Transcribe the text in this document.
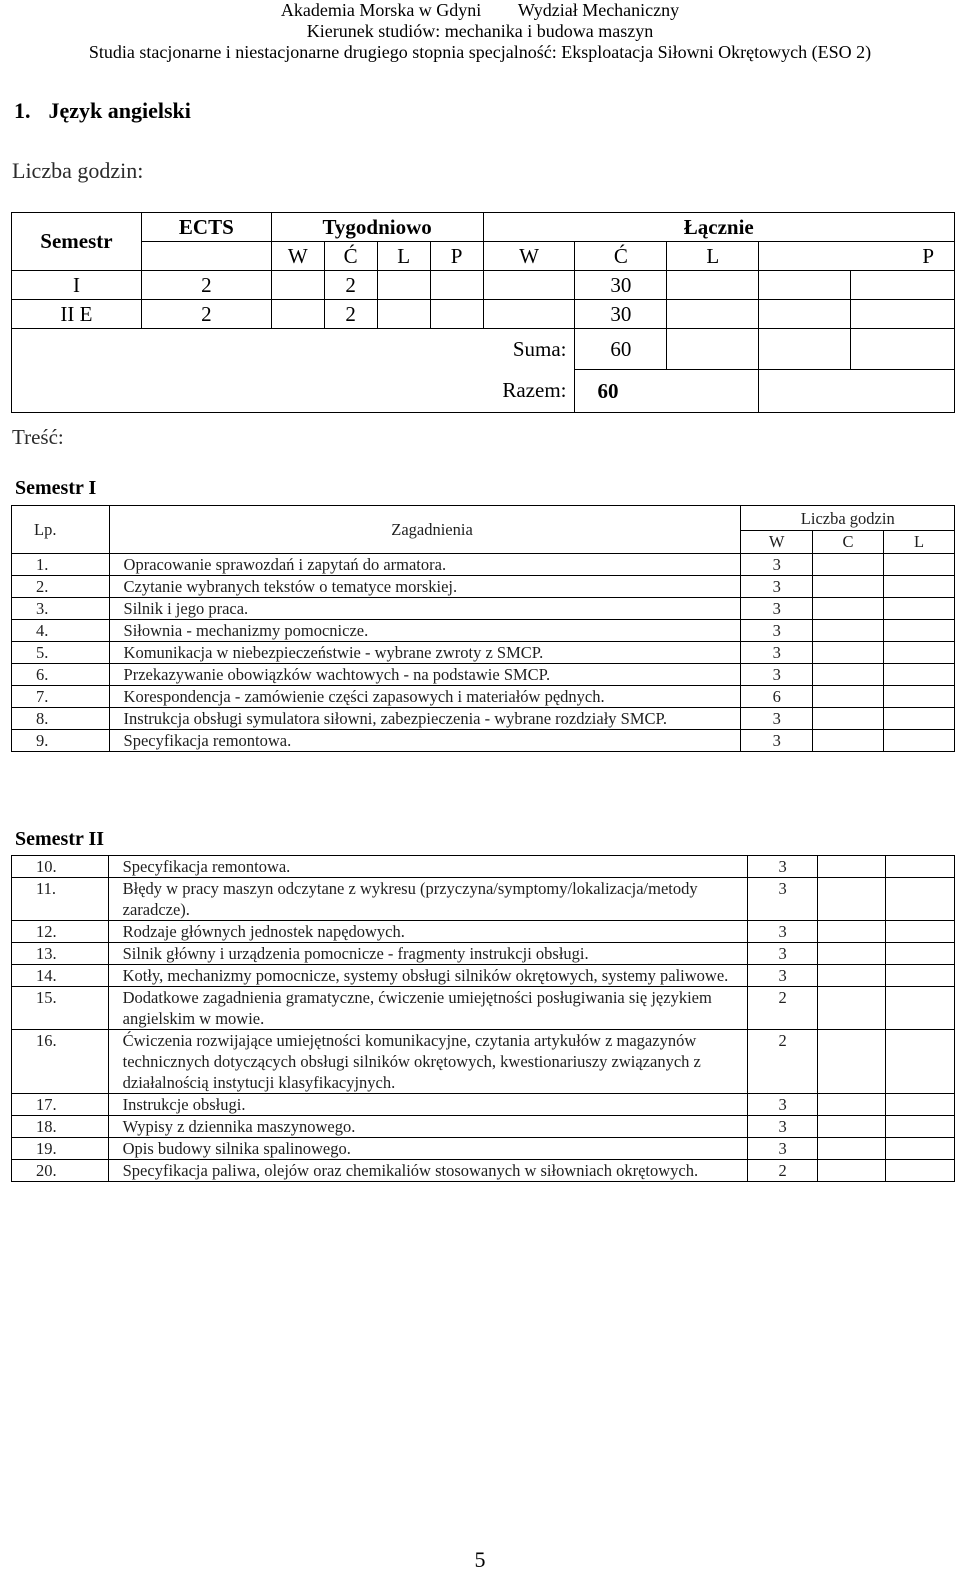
Akademia Morska w Gdyni Wydział Mechaniczny
Kierunek studiów: mechanika i budowa maszyn
Studia stacjonarne i niestacjonarne drugiego stopnia specjalność: Eksploatacja Siłowni Okrętowych (ESO 2)
1. Język angielski
Liczba godzin:
Semestr	ECTS	Tygodniowo				Łącznie				
		W	Ć	L	P	W	Ć	L	P	
I	2		2				30			
II E	2		2				30			
Suma:							60			
						Razem:	60			
Treść:
Semestr I
Lp.	Zagadnienia	Liczba godzin		
		W	C	L
1.	Opracowanie sprawozdań i zapytań do armatora.	3		
2.	Czytanie wybranych tekstów o tematyce morskiej.	3		
3.	Silnik i jego praca.	3		
4.	Siłownia - mechanizmy pomocnicze.	3		
5.	Komunikacja w niebezpieczeństwie - wybrane zwroty z SMCP.	3		
6.	Przekazywanie obowiązków wachtowych - na podstawie SMCP.	3		
7.	Korespondencja - zamówienie części zapasowych i materiałów pędnych.	6		
8.	Instrukcja obsługi symulatora siłowni, zabezpieczenia - wybrane rozdziały SMCP.	3		
9.	Specyfikacja remontowa.	3		
Semestr II
10.	Specyfikacja remontowa.	3		
11.	Błędy w pracy maszyn odczytane z wykresu (przyczyna/symptomy/lokalizacja/metody zaradcze).	3		
12.	Rodzaje głównych jednostek napędowych.	3		
13.	Silnik główny i urządzenia pomocnicze - fragmenty instrukcji obsługi.	3		
14.	Kotły, mechanizmy pomocnicze, systemy obsługi silników okrętowych, systemy paliwowe.	3		
15.	Dodatkowe zagadnienia gramatyczne, ćwiczenie umiejętności posługiwania się językiem angielskim w mowie.	2		
16.	Ćwiczenia rozwijające umiejętności komunikacyjne, czytania artykułów z magazynów technicznych dotyczących obsługi silników okrętowych, kwestionariuszy związanych z działalnością instytucji klasyfikacyjnych.	2		
17.	Instrukcje obsługi.	3		
18.	Wypisy z dziennika maszynowego.	3		
19.	Opis budowy silnika spalinowego.	3		
20.	Specyfikacja paliwa, olejów oraz chemikaliów stosowanych w siłowniach okrętowych.	2		
5
